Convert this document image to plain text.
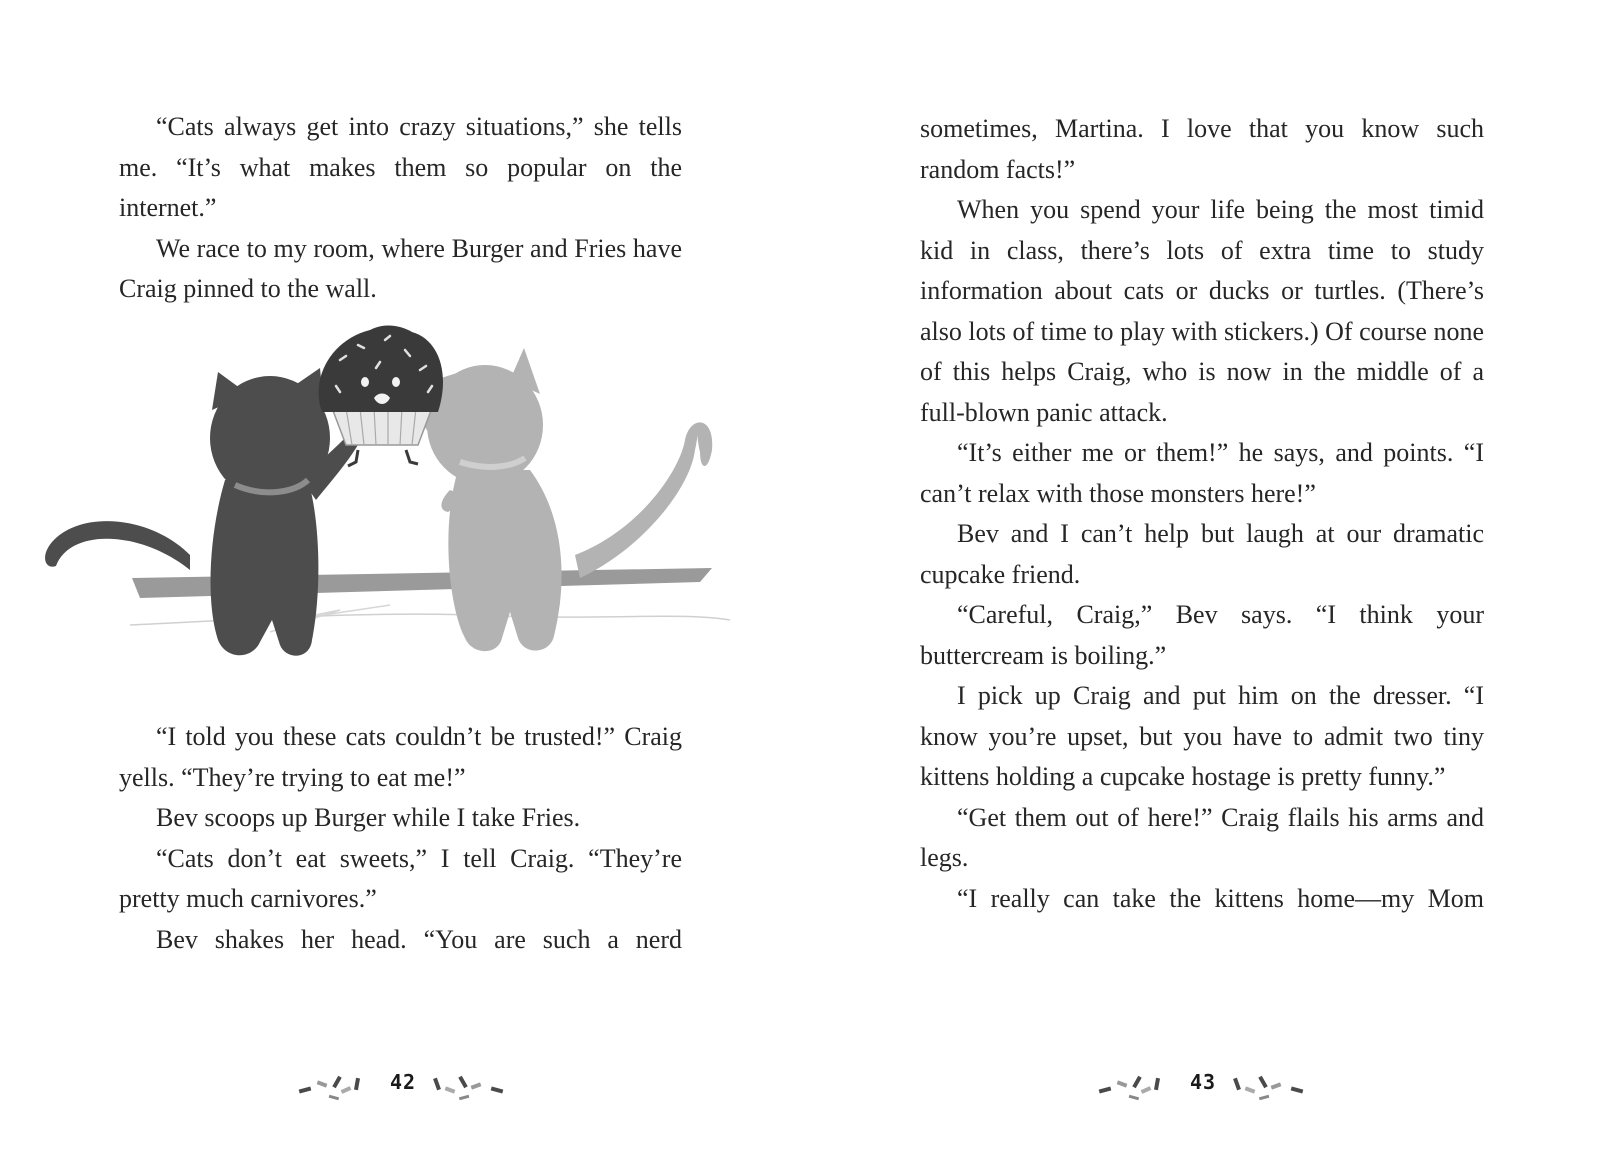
“Cats always get into crazy situations,” she tells me. “It’s what makes them so popular on the internet.”

We race to my room, where Burger and Fries have Craig pinned to the wall.

“I told you these cats couldn’t be trusted!” Craig yells. “They’re trying to eat me!”

Bev scoops up Burger while I take Fries.

“Cats don’t eat sweets,” I tell Craig. “They’re pretty much carnivores.”

Bev shakes her head. “You are such a nerd

42

sometimes, Martina. I love that you know such random facts!”

When you spend your life being the most timid kid in class, there’s lots of extra time to study information about cats or ducks or turtles. (There’s also lots of time to play with stickers.) Of course none of this helps Craig, who is now in the middle of a full-blown panic attack.

“It’s either me or them!” he says, and points. “I can’t relax with those monsters here!”

Bev and I can’t help but laugh at our dramatic cupcake friend.

“Careful, Craig,” Bev says. “I think your buttercream is boiling.”

I pick up Craig and put him on the dresser. “I know you’re upset, but you have to admit two tiny kittens holding a cupcake hostage is pretty funny.”

“Get them out of here!” Craig flails his arms and legs.

“I really can take the kittens home—my Mom

43
